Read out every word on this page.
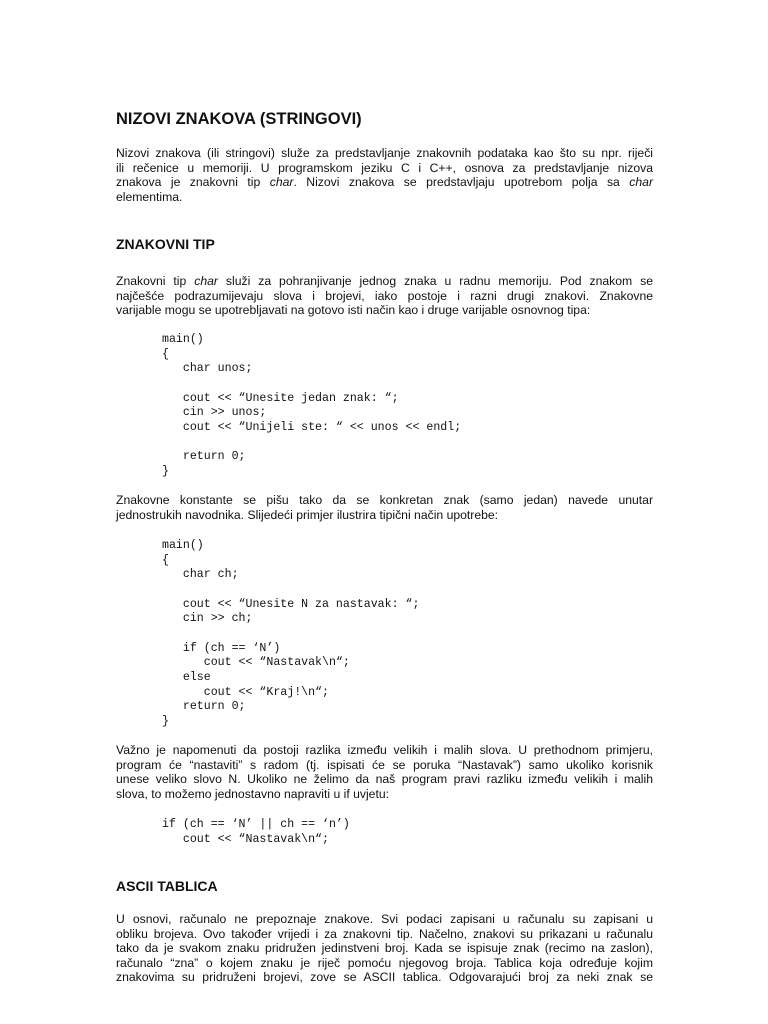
NIZOVI ZNAKOVA (STRINGOVI)
Nizovi znakova (ili stringovi) služe za predstavljanje znakovnih podataka kao što su npr. riječi
ili rečenice u memoriji. U programskom jeziku C i C++, osnova za predstavljanje nizova
znakova je znakovni tip char. Nizovi znakova se predstavljaju upotrebom polja sa char
elementima.
ZNAKOVNI TIP
Znakovni tip char služi za pohranjivanje jednog znaka u radnu memoriju. Pod znakom se
najčešće podrazumijevaju slova i brojevi, iako postoje i razni drugi znakovi. Znakovne
varijable mogu se upotrebljavati na gotovo isti način kao i druge varijable osnovnog tipa:
main()
{
char unos;
cout << “Unesite jedan znak: “;
cin >> unos;
cout << “Unijeli ste: “ << unos << endl;
return 0;
}
Znakovne konstante se pišu tako da se konkretan znak (samo jedan) navede unutar
jednostrukih navodnika. Slijedeći primjer ilustrira tipični način upotrebe:
main()
{
char ch;
cout << “Unesite N za nastavak: “;
cin >> ch;
if (ch == ‘N’)
cout << “Nastavak\n“;
else
cout << “Kraj!\n“;
return 0;
}
Važno je napomenuti da postoji razlika između velikih i malih slova. U prethodnom primjeru,
program će “nastaviti” s radom (tj. ispisati će se poruka “Nastavak”) samo ukoliko korisnik
unese veliko slovo N. Ukoliko ne želimo da naš program pravi razliku između velikih i malih
slova, to možemo jednostavno napraviti u if uvjetu:
if (ch == ‘N’ || ch == ‘n’)
cout << “Nastavak\n“;
ASCII TABLICA
U osnovi, računalo ne prepoznaje znakove. Svi podaci zapisani u računalu su zapisani u
obliku brojeva. Ovo također vrijedi i za znakovni tip. Načelno, znakovi su prikazani u računalu
tako da je svakom znaku pridružen jedinstveni broj. Kada se ispisuje znak (recimo na zaslon),
računalo “zna” o kojem znaku je riječ pomoću njegovog broja. Tablica koja određuje kojim
znakovima su pridruženi brojevi, zove se ASCII tablica. Odgovarajući broj za neki znak se
